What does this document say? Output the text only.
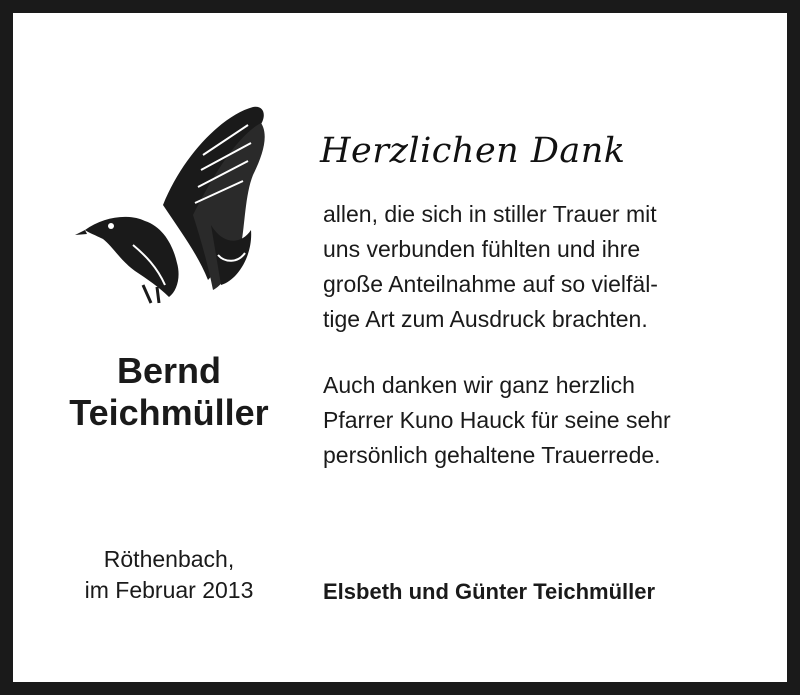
Herzlichen Dank
allen, die sich in stiller Trauer mit
uns verbunden fühlten und ihre
große Anteilnahme auf so vielfäl-
tige Art zum Ausdruck brachten.
Auch danken wir ganz herzlich
Pfarrer Kuno Hauck für seine sehr
persönlich gehaltene Trauerrede.
Bernd
Teichmüller
Röthenbach,
im Februar 2013	Elsbeth und Günter Teichmüller
